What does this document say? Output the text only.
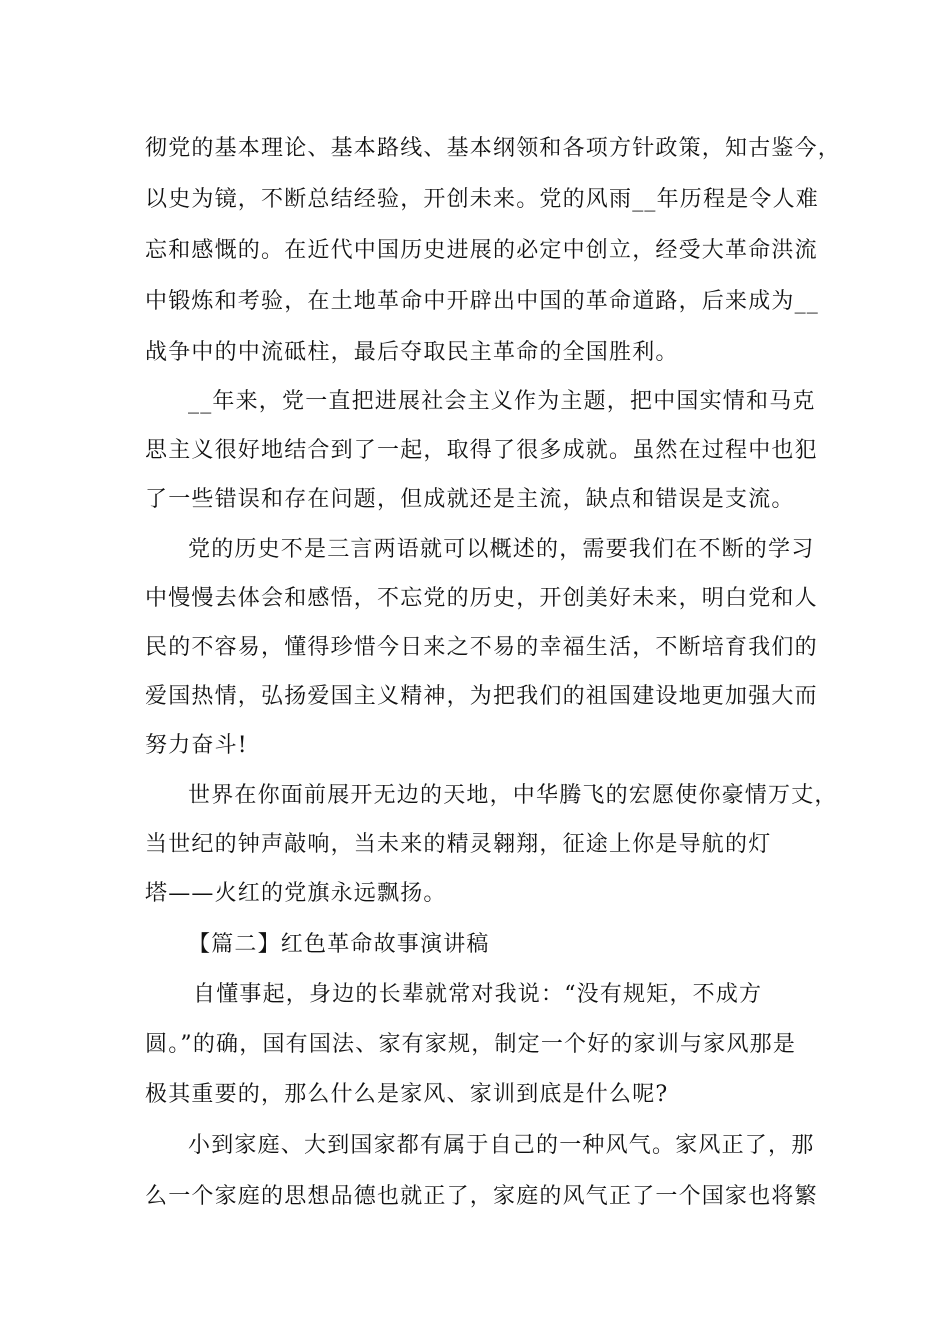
彻党的基本理论、基本路线、基本纲领和各项方针政策，知古鉴今，
以史为镜，不断总结经验，开创未来。党的风雨__年历程是令人难
忘和感慨的。在近代中国历史进展的必定中创立，经受大革命洪流
中锻炼和考验，在土地革命中开辟出中国的革命道路，后来成为__
战争中的中流砥柱，最后夺取民主革命的全国胜利。
__年来，党一直把进展社会主义作为主题，把中国实情和马克
思主义很好地结合到了一起，取得了很多成就。虽然在过程中也犯
了一些错误和存在问题，但成就还是主流，缺点和错误是支流。
党的历史不是三言两语就可以概述的，需要我们在不断的学习
中慢慢去体会和感悟，不忘党的历史，开创美好未来，明白党和人
民的不容易，懂得珍惜今日来之不易的幸福生活，不断培育我们的
爱国热情，弘扬爱国主义精神，为把我们的祖国建设地更加强大而
努力奋斗!
世界在你面前展开无边的天地，中华腾飞的宏愿使你豪情万丈，
当世纪的钟声敲响，当未来的精灵翱翔，征途上你是导航的灯
塔——火红的党旗永远飘扬。
【篇二】红色革命故事演讲稿
自懂事起，身边的长辈就常对我说：“没有规矩，不成方
圆。”的确，国有国法、家有家规，制定一个好的家训与家风那是
极其重要的，那么什么是家风、家训到底是什么呢?
小到家庭、大到国家都有属于自己的一种风气。家风正了，那
么一个家庭的思想品德也就正了，家庭的风气正了一个国家也将繁
